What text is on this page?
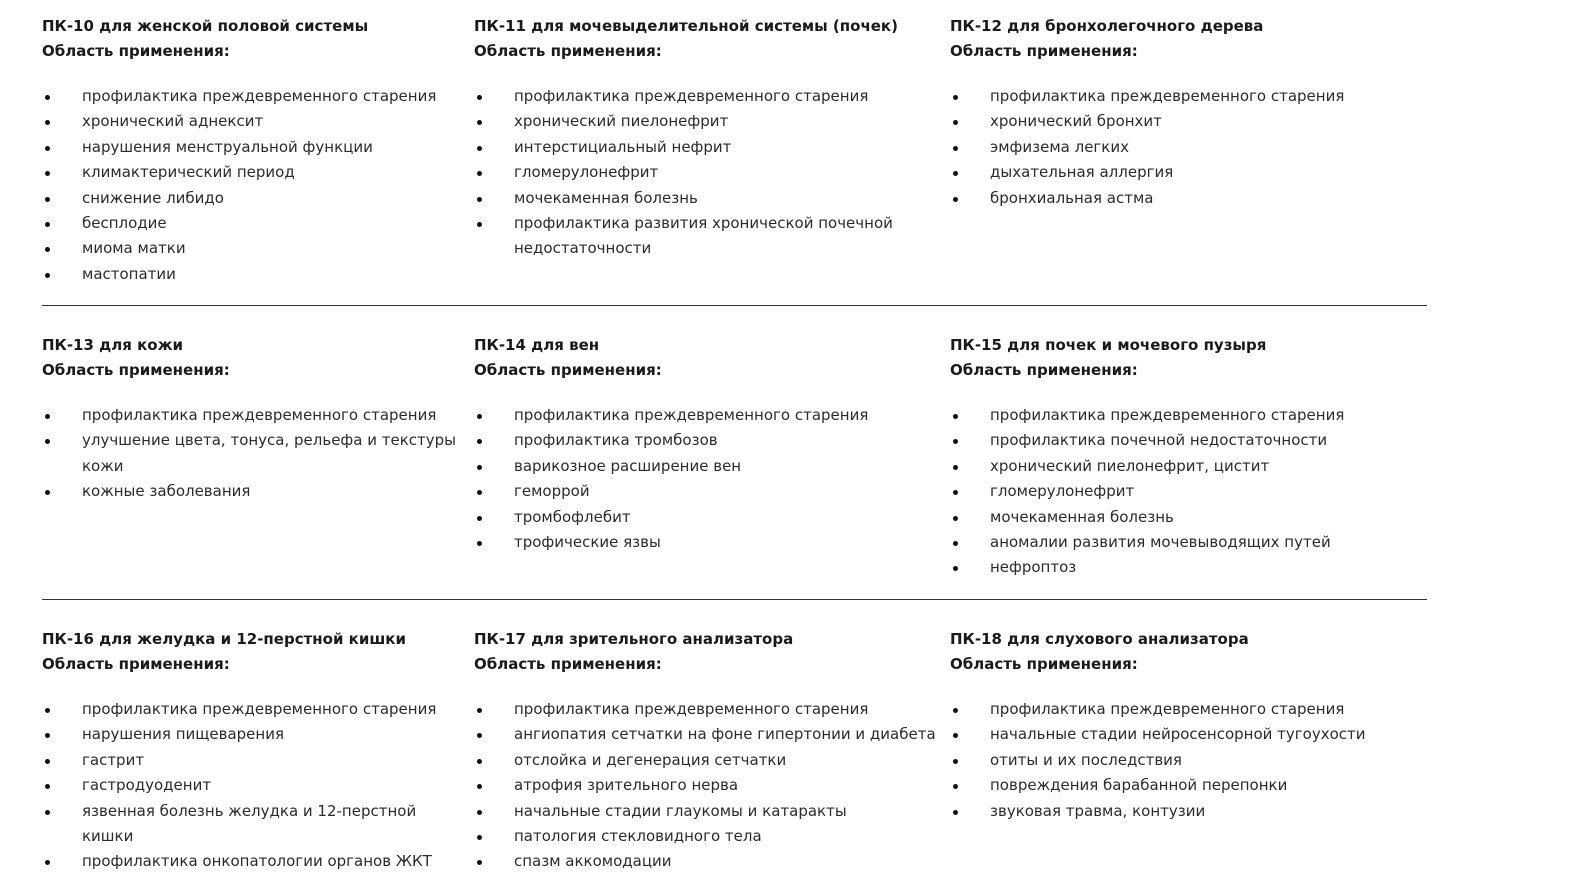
ПК-10 для женской половой системы
Область применения:
профилактика преждевременного старения
хронический аднексит
нарушения менструальной функции
климактерический период
снижение либидо
бесплодие
миома матки
мастопатии
ПК-11 для мочевыделительной системы (почек)
Область применения:
профилактика преждевременного старения
хронический пиелонефрит
интерстициальный нефрит
гломерулонефрит
мочекаменная болезнь
профилактика развития хронической почечной недостаточности
ПК-12 для бронхолегочного дерева
Область применения:
профилактика преждевременного старения
хронический бронхит
эмфизема легких
дыхательная аллергия
бронхиальная астма
ПК-13 для кожи
Область применения:
профилактика преждевременного старения
улучшение цвета, тонуса, рельефа и текстуры кожи
кожные заболевания
ПК-14 для вен
Область применения:
профилактика преждевременного старения
профилактика тромбозов
варикозное расширение вен
геморрой
тромбофлебит
трофические язвы
ПК-15 для почек и мочевого пузыря
Область применения:
профилактика преждевременного старения
профилактика почечной недостаточности
хронический пиелонефрит, цистит
гломерулонефрит
мочекаменная болезнь
аномалии развития мочевыводящих путей
нефроптоз
ПК-16 для желудка и 12-перстной кишки
Область применения:
профилактика преждевременного старения
нарушения пищеварения
гастрит
гастродуоденит
язвенная болезнь желудка и 12-перстной кишки
профилактика онкопатологии органов ЖКТ
ПК-17 для зрительного анализатора
Область применения:
профилактика преждевременного старения
ангиопатия сетчатки на фоне гипертонии и диабета
отслойка и дегенерация сетчатки
атрофия зрительного нерва
начальные стадии глаукомы и катаракты
патология стекловидного тела
спазм аккомодации
ПК-18 для слухового анализатора
Область применения:
профилактика преждевременного старения
начальные стадии нейросенсорной тугоухости
отиты и их последствия
повреждения барабанной перепонки
звуковая травма, контузии
